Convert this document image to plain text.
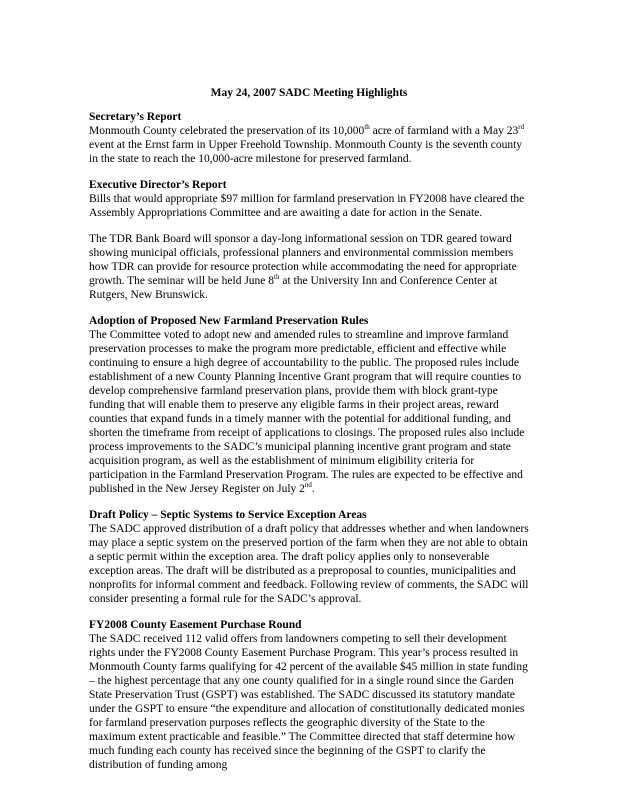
May 24, 2007 SADC Meeting Highlights
Secretary’s Report

Monmouth County celebrated the preservation of its 10,000th acre of farmland with a May 23rd event at the Ernst farm in Upper Freehold Township. Monmouth County is the seventh county in the state to reach the 10,000-acre milestone for preserved farmland.

Executive Director’s Report

Bills that would appropriate $97 million for farmland preservation in FY2008 have cleared the Assembly Appropriations Committee and are awaiting a date for action in the Senate.

The TDR Bank Board will sponsor a day-long informational session on TDR geared toward showing municipal officials, professional planners and environmental commission members how TDR can provide for resource protection while accommodating the need for appropriate growth. The seminar will be held June 8th at the University Inn and Conference Center at Rutgers, New Brunswick.

Adoption of Proposed New Farmland Preservation Rules

The Committee voted to adopt new and amended rules to streamline and improve farmland preservation processes to make the program more predictable, efficient and effective while continuing to ensure a high degree of accountability to the public. The proposed rules include establishment of a new County Planning Incentive Grant program that will require counties to develop comprehensive farmland preservation plans, provide them with block grant-type funding that will enable them to preserve any eligible farms in their project areas, reward counties that expand funds in a timely manner with the potential for additional funding, and shorten the timeframe from receipt of applications to closings. The proposed rules also include process improvements to the SADC’s municipal planning incentive grant program and state acquisition program, as well as the establishment of minimum eligibility criteria for participation in the Farmland Preservation Program. The rules are expected to be effective and published in the New Jersey Register on July 2nd.

Draft Policy – Septic Systems to Service Exception Areas

The SADC approved distribution of a draft policy that addresses whether and when landowners may place a septic system on the preserved portion of the farm when they are not able to obtain a septic permit within the exception area. The draft policy applies only to nonseverable exception areas. The draft will be distributed as a preproposal to counties, municipalities and nonprofits for informal comment and feedback. Following review of comments, the SADC will consider presenting a formal rule for the SADC’s approval.

FY2008 County Easement Purchase Round

The SADC received 112 valid offers from landowners competing to sell their development rights under the FY2008 County Easement Purchase Program. This year’s process resulted in Monmouth County farms qualifying for 42 percent of the available $45 million in state funding – the highest percentage that any one county qualified for in a single round since the Garden State Preservation Trust (GSPT) was established. The SADC discussed its statutory mandate under the GSPT to ensure “the expenditure and allocation of constitutionally dedicated monies for farmland preservation purposes reflects the geographic diversity of the State to the maximum extent practicable and feasible.” The Committee directed that staff determine how much funding each county has received since the beginning of the GSPT to clarify the distribution of funding among
